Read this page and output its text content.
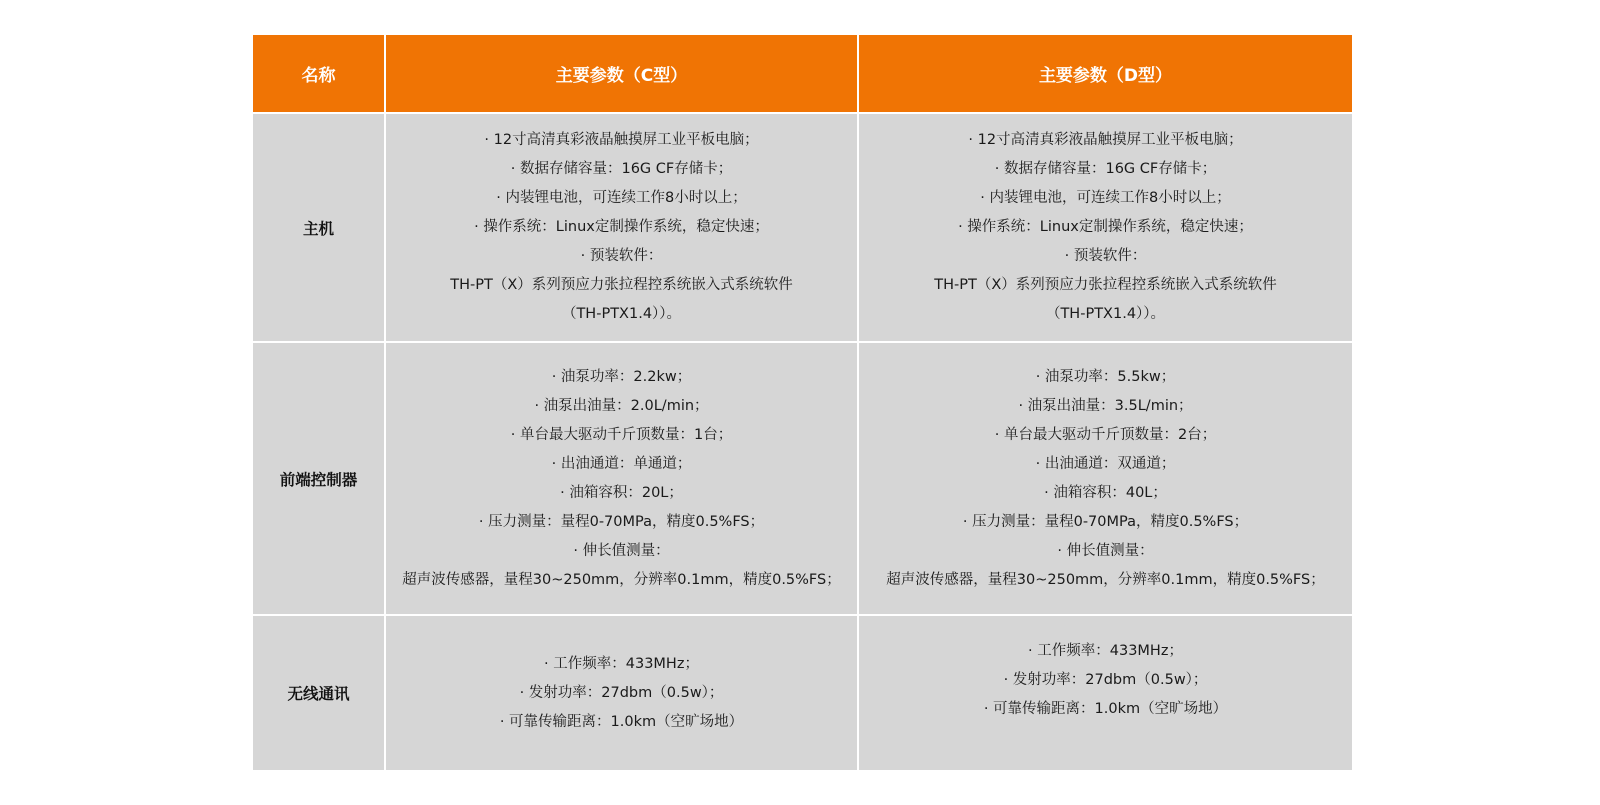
名称	主要参数（C型）	主要参数（D型）
主机
· 12寸高清真彩液晶触摸屏工业平板电脑；
· 数据存储容量：16G CF存储卡；
· 内装锂电池，可连续工作8小时以上；
· 操作系统：Linux定制操作系统，稳定快速；
· 预装软件：
TH-PT（X）系列预应力张拉程控系统嵌入式系统软件
（TH-PTX1.4））。
· 12寸高清真彩液晶触摸屏工业平板电脑；
· 数据存储容量：16G CF存储卡；
· 内装锂电池，可连续工作8小时以上；
· 操作系统：Linux定制操作系统，稳定快速；
· 预装软件：
TH-PT（X）系列预应力张拉程控系统嵌入式系统软件
（TH-PTX1.4））。
前端控制器
· 油泵功率：2.2kw；
· 油泵出油量：2.0L/min；
· 单台最大驱动千斤顶数量：1台；
· 出油通道：单通道；
· 油箱容积：20L；
· 压力测量：量程0-70MPa，精度0.5%FS；
· 伸长值测量：
超声波传感器，量程30~250mm，分辨率0.1mm，精度0.5%FS；
· 油泵功率：5.5kw；
· 油泵出油量：3.5L/min；
· 单台最大驱动千斤顶数量：2台；
· 出油通道：双通道；
· 油箱容积：40L；
· 压力测量：量程0-70MPa，精度0.5%FS；
· 伸长值测量：
超声波传感器，量程30~250mm，分辨率0.1mm，精度0.5%FS；
无线通讯
· 工作频率：433MHz；
· 发射功率：27dbm（0.5w）；
· 可靠传输距离：1.0km（空旷场地）
· 工作频率：433MHz；
· 发射功率：27dbm（0.5w）；
· 可靠传输距离：1.0km（空旷场地）
